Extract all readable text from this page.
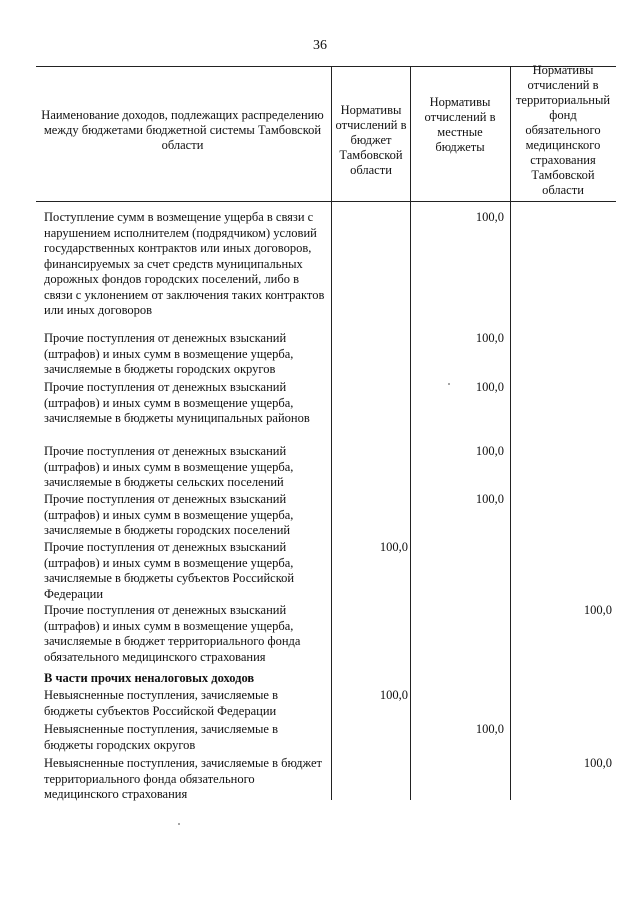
36
Наименование доходов, подлежащих распределению между бюджетами бюджетной системы Тамбовской области
Нормативы отчислений в бюджет Тамбовской области
Нормативы отчислений в местные бюджеты
Нормативы отчислений в территориальный фонд обязательного медицинского страхования Тамбовской области
Поступление сумм в возмещение ущерба в связи с нарушением исполнителем (подрядчиком) условий государственных контрактов или иных договоров, финансируемых за счет средств муниципальных дорожных фондов городских поселений, либо в связи с уклонением от заключения таких контрактов или иных договоров
100,0
Прочие поступления от денежных взысканий (штрафов) и иных сумм в возмещение ущерба, зачисляемые в бюджеты городских округов
100,0
Прочие поступления от денежных взысканий (штрафов) и иных сумм в возмещение ущерба, зачисляемые в бюджеты муниципальных районов
100,0
Прочие поступления от денежных взысканий (штрафов) и иных сумм в возмещение ущерба, зачисляемые в бюджеты сельских поселений
100,0
Прочие поступления от денежных взысканий (штрафов) и иных сумм в возмещение ущерба, зачисляемые в бюджеты городских поселений
100,0
Прочие поступления от денежных взысканий (штрафов) и иных сумм в возмещение ущерба, зачисляемые в бюджеты субъектов Российской Федерации
100,0
Прочие поступления от денежных взысканий (штрафов) и иных сумм в возмещение ущерба, зачисляемые в бюджет территориального фонда обязательного медицинского страхования
100,0
В части прочих неналоговых доходов
Невыясненные поступления, зачисляемые в бюджеты субъектов Российской Федерации
100,0
Невыясненные поступления, зачисляемые в бюджеты городских округов
100,0
Невыясненные поступления, зачисляемые в бюджет территориального фонда обязательного медицинского страхования
100,0
